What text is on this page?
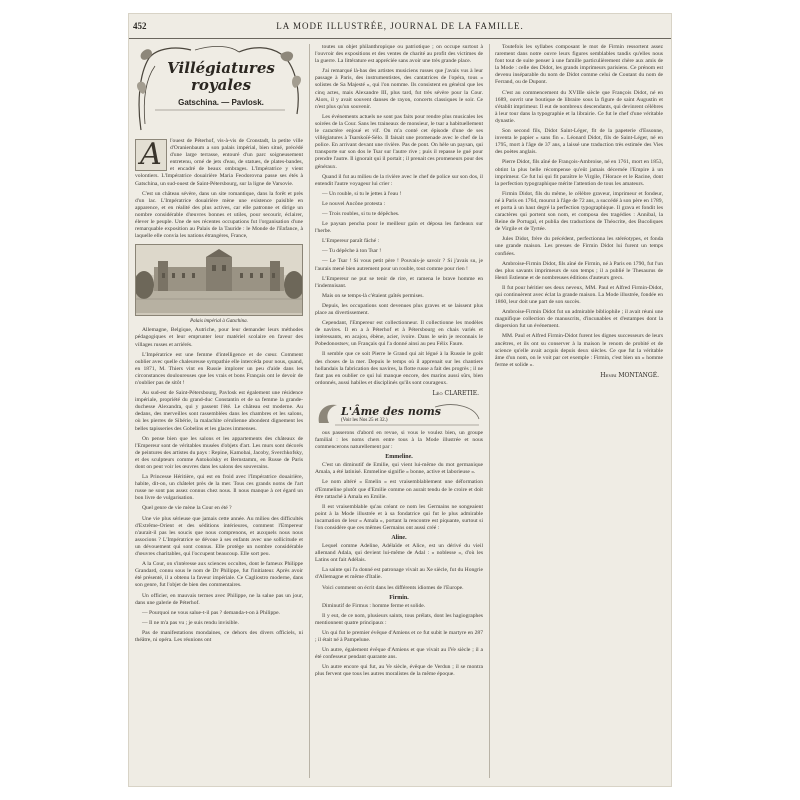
452	LA MODE ILLUSTRÉE, JOURNAL DE LA FAMILLE.
Villégiatures
royales
Gatschina. — Pavlosk.
A	l'ouest de Péterhof, vis-à-vis de Cronstadt, la petite ville d'Oranienbaum a son palais impérial, bien situé, précédé d'une large terrasse, entouré d'un parc soigneusement entretenu, orné de jets d'eau, de statues, de plates-bandes, et encadré de beaux ombrages. L'Impératrice y vient volontiers. L'Impératrice douairière Maria Feodorovna passe ses étés à Gatschina, un sud-ouest de Saint-Pétersbourg, sur la ligne de Varsovie.

C'est un château sévère, dans un site romantique, dans la forêt et près d'un lac. L'Impératrice douairière mène une existence paisible en apparence, et en réalité des plus actives, car elle patronne et dirige un nombre considérable d'œuvres bonnes et utiles, pour secourir, éclairer, élever le peuple. Une de ses récentes occupations fut l'organisation d'une remarquable exposition au Palais de la Tauride : le Monde de l'Enfance, à laquelle elle convia les nations étrangères, France,

Palais impérial à Gatschina.

Allemagne, Belgique, Autriche, pour leur demander leurs méthodes pédagogiques et leur emprunter leur matériel scolaire en faveur des villages russes et arriérés.

L'Impératrice est une femme d'intelligence et de cœur. Comment oublier avec quelle chaleureuse sympathie elle intercéda pour nous, quand, en 1871, M. Thiers vint en Russie implorer un peu d'aide dans les circonstances douloureuses que les vrais et bons Français ont le devoir de n'oublier pas de sitôt !

Au sud-est de Saint-Pétersbourg, Pavlosk est également une résidence impériale, propriété du grand-duc Constantin et de sa femme la grande-duchesse Alexandra, qui y passent l'été. Le château est moderne. Au dedans, des merveilles sont rassemblées dans les chambres et les salons, où les pierres de Sibérie, la malachite cérulienne abondent dignement les belles tapisseries des Gobelins et les glaces immenses.

On pense bien que les salons et les appartements des châteaux de l'Empereur sont de véritables musées d'objets d'art. Les murs sont décorés de peintures des artistes du pays : Repine, Kamobai, Jacoby, Sverchkofsky, et des sculpteurs comme Antokolsky et Bernstamm, en Russe de Paris dont on peut voir les œuvres dans les salons des souverains.

La Princesse Héritière, qui est en froid avec l'Impératrice douairière, habite, dit-on, un châtelet près de la mer. Tous ces grands noms de l'art russe ne sont pas assez connus chez nous. Il nous manque à cet égard un bon livre de vulgarisation.

Quel genre de vie mène la Cour en été ?

Une vie plus sérieuse que jamais cette année. Au milieu des difficultés d'Extrême-Orient et des séditions intérieures, comment l'Empereur n'aurait-il pas les soucis que nous comprenons, et auxquels nous nous associons ? L'Impératrice se dévoue à ses enfants avec une sollicitude et un dévouement qui sont connus. Elle protège un nombre considérable d'œuvres charitables, qui l'occupent beaucoup. Elle sort peu.

A la Cour, on s'intéresse aux sciences occultes, dont le fameux Philippe Grandard, connu sous le nom de Dr Philippe, fut l'initiateur. Après avoir été présenté, il a obtenu la faveur impériale. Ce Cagliostro moderne, dans son genre, fut l'objet de bien des commentaires.

Un officier, en mauvais termes avec Philippe, ne la salue pas un jour, dans une galerie de Péterhof.

— Pourquoi ne vous salue-t-il pas ? demanda-t-on à Philippe.

— Il ne m'a pas vu ; je suis rendu invisible.

Pas de manifestations mondaines, ce dehors des divers officiels, ni théâtre, ni opéra. Les réunions ont

toutes un objet philanthropique ou patriotique ; on occupe surtout à l'ouvroir des expositions et des ventes de charité au profit des victimes de la guerre. La littérature est appréciée sans avoir une très grande place.

J'ai remarqué là-bas des artistes musiciens russes que j'avais vus à leur passage à Paris, des instrumentistes, des cantatrices de l'opéra, tous « solistes de Sa Majesté », qui l'on nomme. Ils consistent en général que les cinq actes, mais Alexandre III, plus tard, fut très sévère pour la Cour. Alors, il y avait souvent danses de rayon, concerts classiques le soir. Ce n'est plus qu'un souvenir.

Les événements actuels ne sont pas faits pour rendre plus musicales les soirées de la Cour. Sans les traineaux de monsieur, le tsar a habituellement le caractère enjoué et vif. On m'a conté cet épisode d'une de ses villégiatures à Tsarskoïé-Sélo. Il faisait une promenade avec le chef de la police. En arrivant devant une rivière. Pas de pont. On hèle un paysan, qui transporte sur son dos le Tsar sur l'autre rive ; puis il repasse le gué pour prendre l'autre. Il ignorait qui il portait ; il prenait ces promeneurs pour des généraux.

Quand il fut au milieu de la rivière avec le chef de police sur son dos, il entendit l'autre voyageur lui crier :

— Un rouble, si tu le jettes à l'eau !

Le nouvel Ancône protesta :

— Trois roubles, si tu te dépêches.

Le paysan pencha pour le meilleur gain et déposa les fardeaux sur l'herbe.

L'Empereur paraît fâché :

— Tu dépêche à ton Tsar !

— Le Tsar ! Si vous petit père ! Pouvais-je savoir ? Si j'avais su, je l'aurais mené bien autrement pour un rouble, tout comme pour rien !

L'Empereur ne put se tenir de rire, et ramena le brave homme en l'indemnisant.

Mais on se temps-là c'étaient gaîtés permises.

Depuis, les occupations sont devenues plus graves et se laissent plus place au divertissement.

Cependant, l'Empereur est collectionneur. Il collectionne les modèles de navires. Il en a à Péterhof et à Pétersbourg en chais variés et intéressants, en acajou, ébène, acier, ivoire. Dans le sein je reconnais le Pobedonostsev, un Français qui l'a donné ainsi au peu Félix Faure.

Il semble que ce soit Pierre le Grand qui ait légué à la Russie le goût des choses de la mer. Depuis le temps où il apprenait sur les chantiers hollandais la fabrication des navires, la flotte russe a fait des progrès ; il ne faut pas en oublier ce qui lui manque encore, des marins aussi sûrs, bien ordonnés, aussi habiles et disciplinés qu'ils sont courageux.

Léo CLARETIE.
L'Âme des noms
(Voir les Nos 25 et 32.)

ous passerons d'abord en revue, si vous le voulez bien, un groupe familial : les noms chers entre tous à la Mode illustrée et nous commencerons naturellement par :

Emmeline.

C'est un diminutif de Emilie, qui vient lui-même du mot germanique Amala, a été latinisé. Emmeline signifie « bonne, active et laborieuse ».

Le nom altéré « Emelin » est vraisemblablement une déformation d'Emmeline plutôt que d'Emilie comme on aurait tendu de le croire et doit être rattaché à Amala en Emilie.

Il est vraisemblable qu'au créant ce nom les Germains ne songeaient point à la Mode illustrée et à sa fondatrice qui fut le plus admirable incarnation de leur « Amala », portant la rencontre est piquante, surtout si l'on considère que ces mêmes Germains ont aussi créé :

Aline.

Lequel comme Adeline, Adélaïde et Alice, est un dérivé du vieil allemand Adala, qui devient lui-même de Adal : « noblesse », d'où les Latins ont fait Adélais.

La sainte qui l'a donné est patronage vivait au Xe siècle, fut du Hongrie d'Allemagne et même d'Italie.

Voici comment on écrit dans les différents idiomes de l'Europe.

Firmin.

Diminutif de Firmus : homme ferme et solide.

Il y eut, de ce nom, plusieurs saints, tous prélats, dont les hagiographes mentionnent quatre principaux :

Un qui fut le premier évêque d'Amiens et ce fut subit le martyre en 287 ; il était né à Pampelune.

Un autre, également évêque d'Amiens et que vivait au IVe siècle ; il a été confesseur pendant quarante ans.

Un autre encore qui fut, au Ve siècle, évêque de Verdun ; il se montra plus fervent que tous les autres moralistes de la même époque.

Toutefois les syllabes composant le mot de Firmin ressortent assez rarement dans notre ouvre leurs figures semblables tandis qu'elles nous font tout de suite penser à une famille particulièrement chère aux amis de la Mode : celle des Didot, les grands imprimeurs parisiens. Ce prénom est devenu inséparable du nom de Didot comme celui de Coutant du nom de Ferrand, ou de Dupont.

C'est au commencement du XVIIIe siècle que François Didot, né en 1689, ouvrit une boutique de libraire sous la figure de saint Augustin et s'établit imprimeur. Il eut de nombreux descendants, qui devinrent célèbres à leur tour dans la typographie et la librairie. Ce fut le chef d'une véritable dynastie.

Son second fils, Didot Saint-Léger, fit de la papeterie d'Essonne, inventa le papier « sans fin ». Léonard Didot, fils de Saint-Léger, né en 1795, mort à l'âge de 37 ans, a laissé une traduction très estimée des Vies des poètes anglais.

Pierre Didot, fils aîné de François-Ambroise, né en 1761, mort en 1853, obtint la plus belle récompense qu'eût jamais décernée l'Empire à un imprimeur. Ce fut lui qui fit paraître le Virgile, l'Horace et le Racine, dont la perfection typographique mérite l'attention de tous les amateurs.

Firmin Didot, fils du même, le célèbre graveur, imprimeur et fondeur, né à Paris en 1764, mourut à l'âge de 72 ans, a succédé à son père en 1789, et porta à un haut degré la perfection typographique. Il grava et fondit les caractères qui portent son nom, et composa des tragédies : Annibal, la Reine de Portugal, et publia des traductions de Théocrite, des Bucoliques de Virgile et de Tyrtée.

Jules Didot, frère du précédent, perfectionna les stéréotypes, et fonda une grande maison. Les presses de Firmin Didot lui furent un temps confiées.

Ambroise-Firmin Didot, fils aîné de Firmin, né à Paris en 1790, fut l'un des plus savants imprimeurs de son temps ; il a publié le Thesaurus de Henri Estienne et de nombreuses éditions d'auteurs grecs.

Il fut pour héritier ses deux neveux, MM. Paul et Alfred Firmin-Didot, qui continuèrent avec éclat la grande maison. La Mode illustrée, fondée en 1860, leur doit une part de son succès.

Ambroise-Firmin Didot fut un admirable bibliophile ; il avait réuni une magnifique collection de manuscrits, d'incunables et d'estampes dont la dispersion fut un événement.

MM. Paul et Alfred Firmin-Didot furent les dignes successeurs de leurs ancêtres, et ils ont su conserver à la maison le renom de probité et de science qu'elle avait acquis depuis deux siècles. Ce que fut la véritable âme d'un nom, on le voit par cet exemple : Firmin, c'est bien un « homme ferme et solide ».

Henri MONTANGÉ.
